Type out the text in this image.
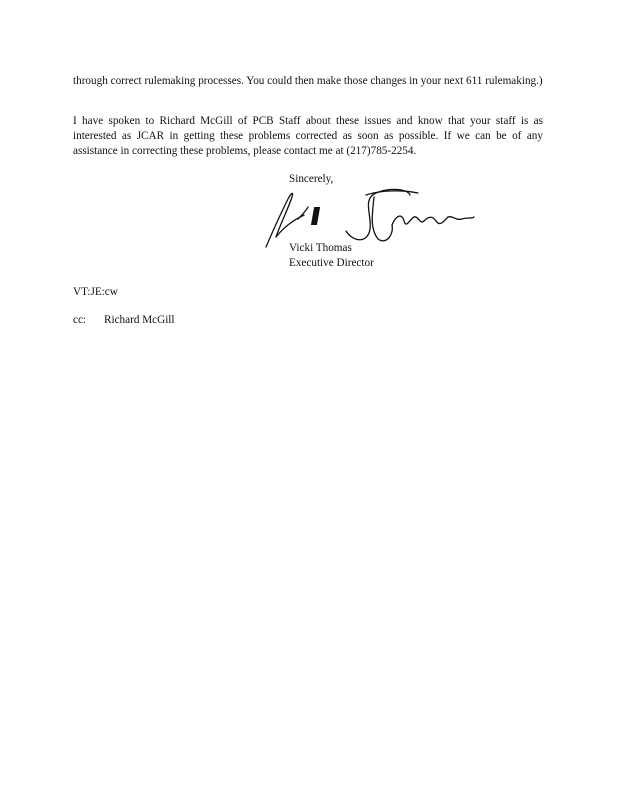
through correct rulemaking processes. You could then make those changes in your next 611 rulemaking.)

I have spoken to Richard McGill of PCB Staff about these issues and know that your staff is as interested as JCAR in getting these problems corrected as soon as possible. If we can be of any assistance in correcting these problems, please contact me at (217)785-2254.

Sincerely,
Vicki Thomas
Executive Director
VT:JE:cw
cc: Richard McGill
